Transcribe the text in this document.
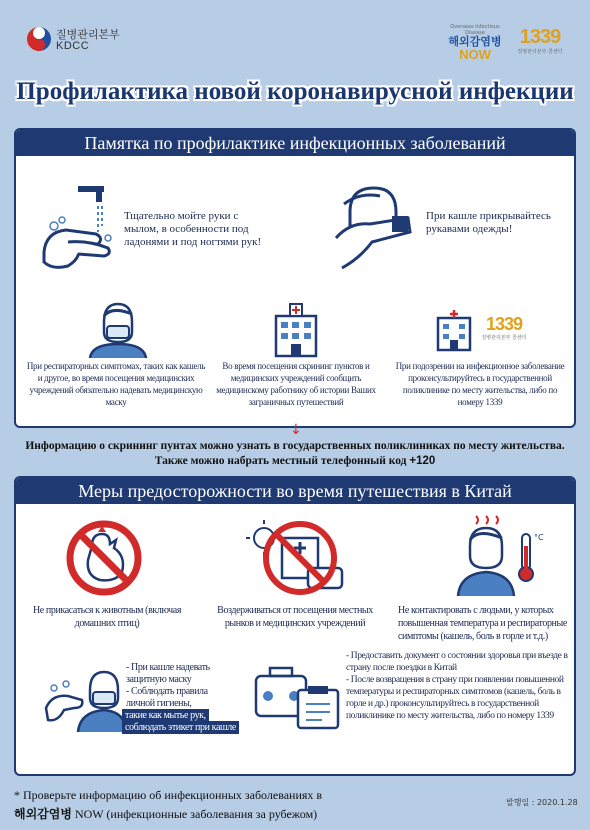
질병관리본부
KDCC
Overseas Infectious Disease
해외감염병
NOW
1339
질병관리본부 콜센터
Профилактика новой коронавирусной инфекции
Памятка по профилактике инфекционных заболеваний
Тщательно мойте руки с мылом, в особенности под ладонями и под ногтями рук!
При кашле прикрывайтесь рукавами одежды!
При респираторных симптомах, таких как кашель и другое, во время посещения медицинских учреждений обязательно надевать медицинскую маску
Во время посещения скрининг пунктов и медицинских учреждений сообщить медицинскому работнику об истории Ваших заграничных путешествий
1339
질병관리본부 콜센터
При подозрении на инфекционное заболевание проконсультируйтесь в государственной поликлинике по месту жительства, либо по номеру 1339
↓
Информацию о скрининг пунтах можно узнать в государственных поликлиниках по месту жительства.
Также можно набрать местный телефонный код +120
Меры предосторожности во время путешествия в Китай
Не прикасаться к животным (включая домашних птиц)
Воздерживаться от посещения местных рынков и медицинских учреждений
°C
Не контактировать с людьми, у которых повышенная температура и респираторные симптомы (кашель, боль в горле и т.д.)
- При кашле надевать защитную маску
- Соблюдать правила личной гигиены,
такие как мытье рук,
соблюдать этикет при кашле
- Предоставить документ о состоянии здоровья при въезде в страну после поездки в Китай
- После возвращения в страну при появлении повышенной температуры и респираторных симптомов (кашель, боль в горле и др.) проконсультируйтесь в государственной поликлинике по месту жительства, либо по номеру 1339
* Проверьте информацию об инфекционных заболеваниях в
해외감염병 NOW (инфекционные заболевания за рубежом)
발행일 : 2020.1.28
